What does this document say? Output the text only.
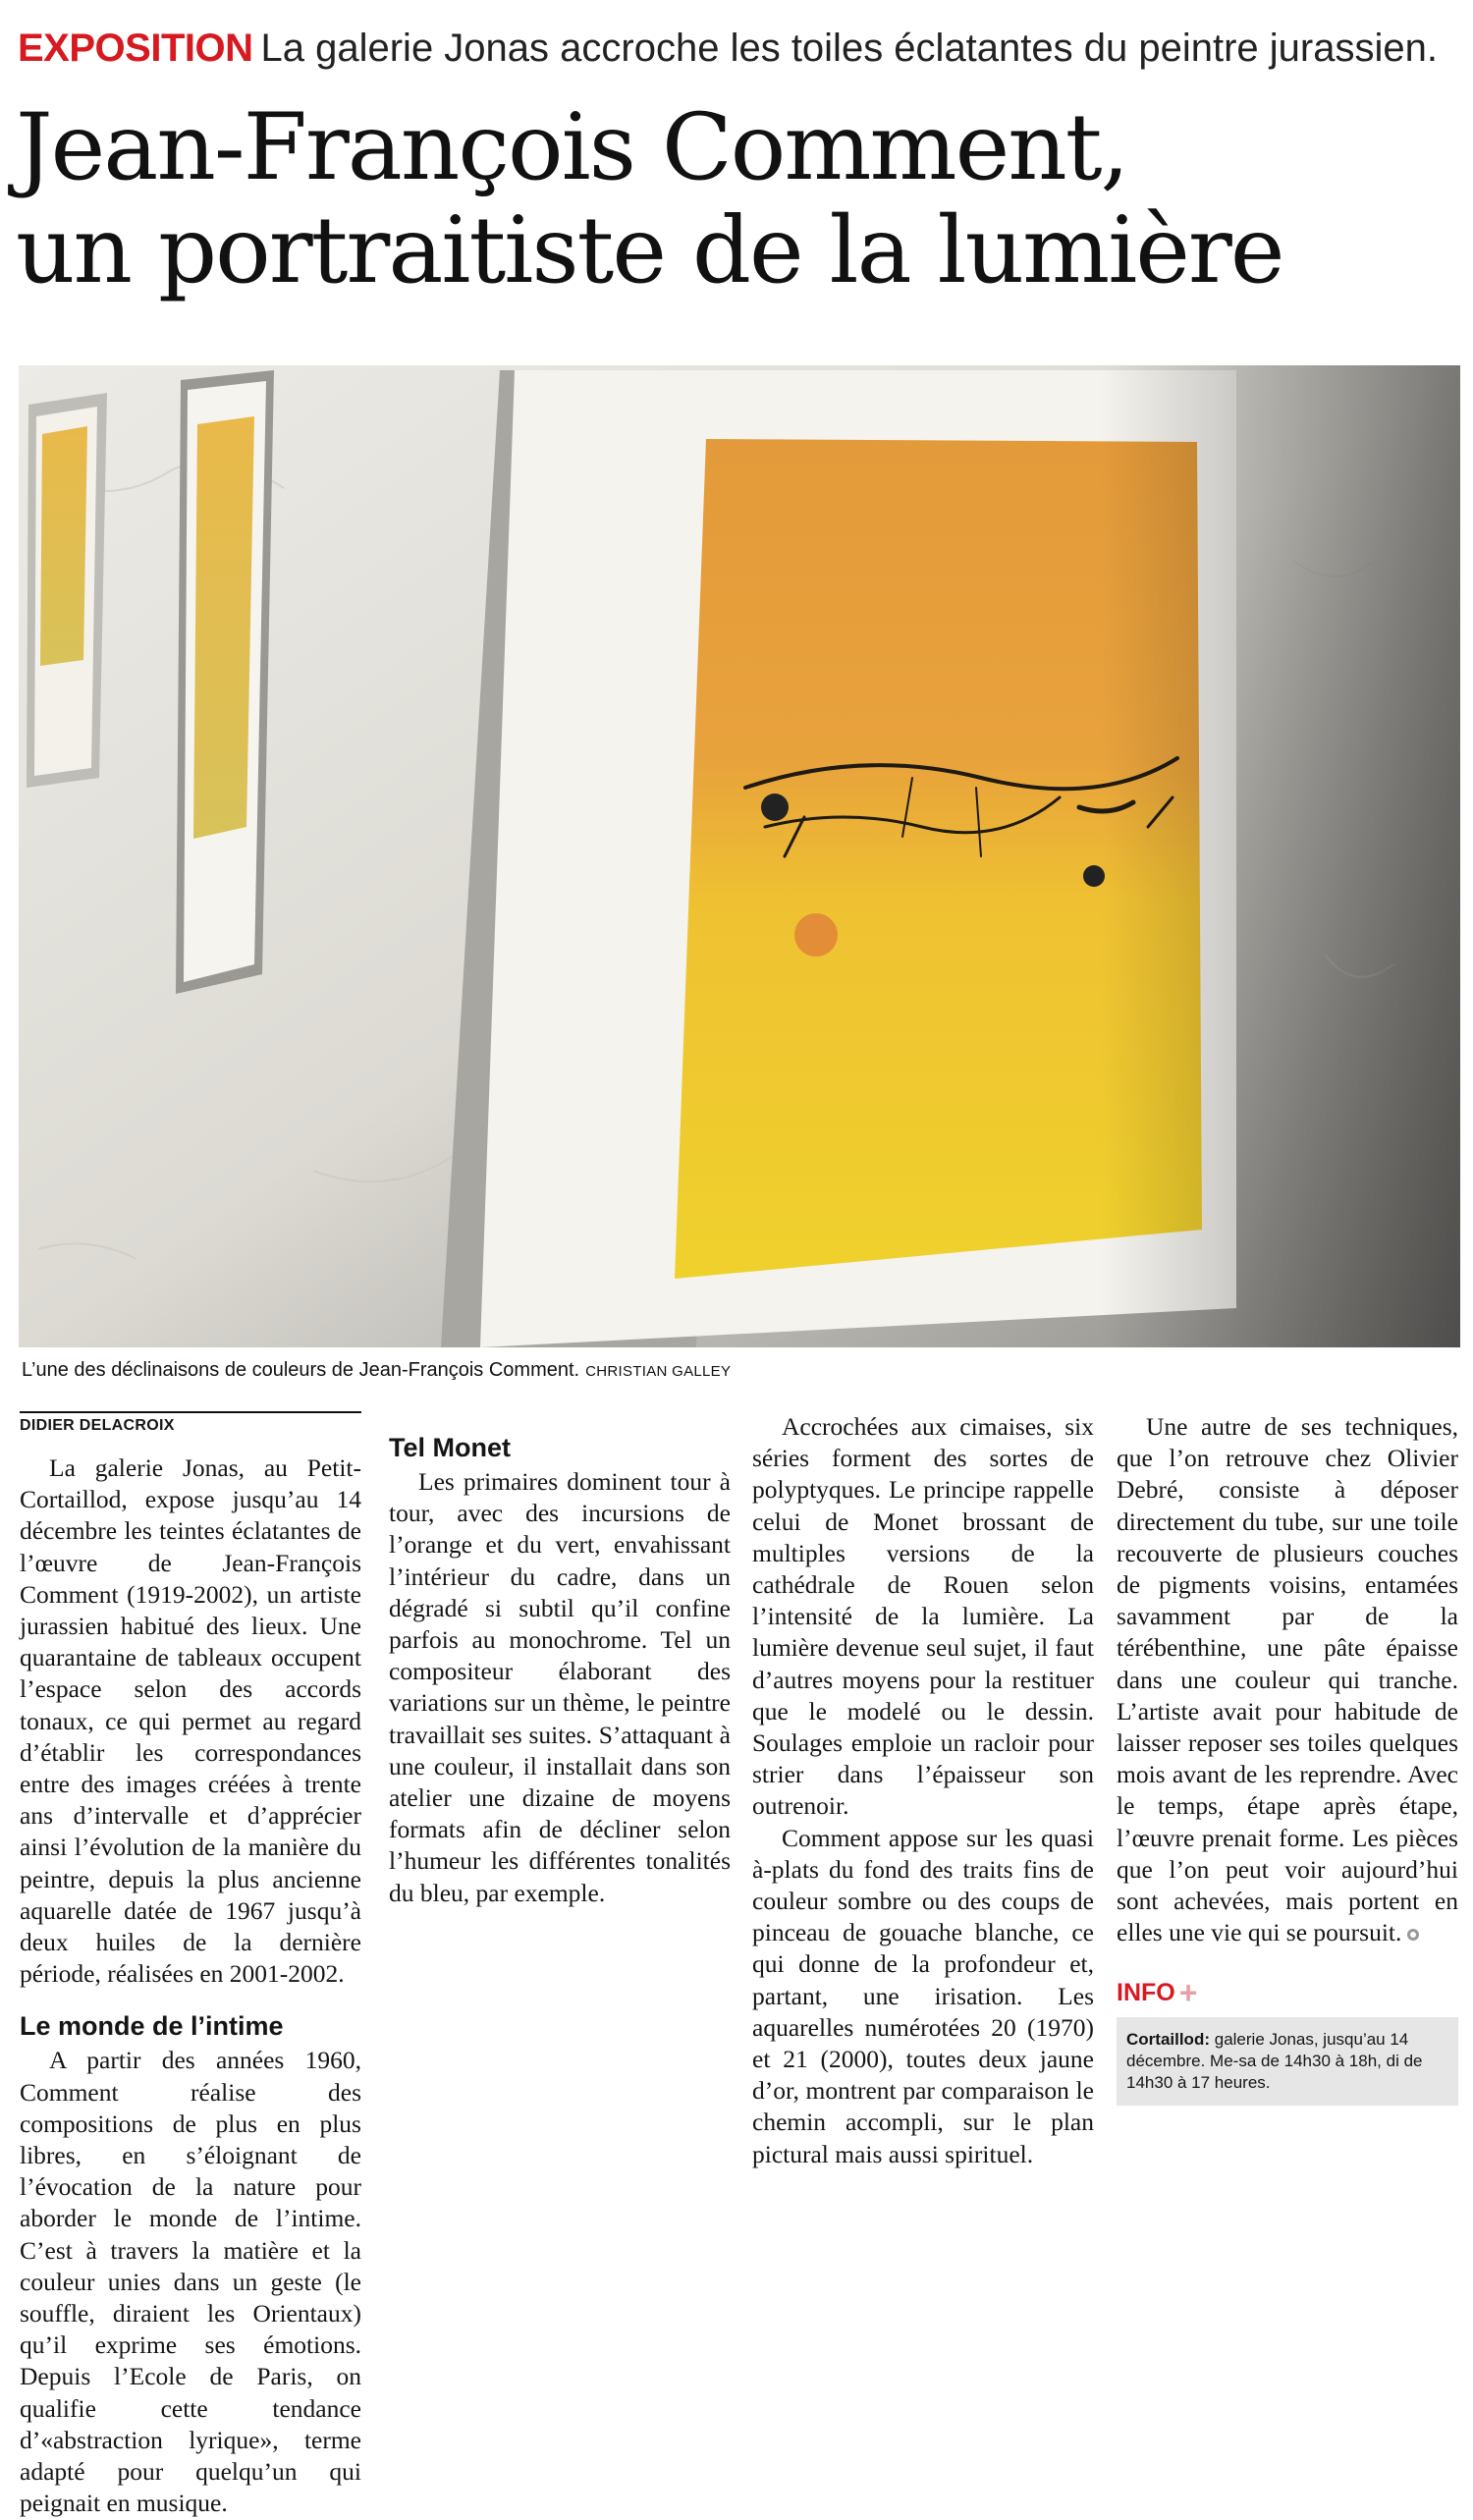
EXPOSITION La galerie Jonas accroche les toiles éclatantes du peintre jurassien.
Jean-François Comment,
un portraitiste de la lumière
L’une des déclinaisons de couleurs de Jean-François Comment. CHRISTIAN GALLEY
DIDIER DELACROIX

La galerie Jonas, au Petit-Cortaillod, expose jusqu’au 14 décembre les teintes éclatantes de l’œuvre de Jean-François Comment (1919-2002), un artiste jurassien habitué des lieux. Une quarantaine de tableaux occupent l’espace selon des accords tonaux, ce qui permet au regard d’établir les correspondances entre des images créées à trente ans d’intervalle et d’apprécier ainsi l’évolution de la manière du peintre, depuis la plus ancienne aquarelle datée de 1967 jusqu’à deux huiles de la dernière période, réalisées en 2001-2002.

Le monde de l’intime

A partir des années 1960, Comment réalise des compositions de plus en plus libres, en s’éloignant de l’évocation de la nature pour aborder le monde de l’intime. C’est à travers la matière et la couleur unies dans un geste (le souffle, diraient les Orientaux) qu’il exprime ses émotions. Depuis l’Ecole de Paris, on qualifie cette tendance d’«abstraction lyrique», terme adapté pour quelqu’un qui peignait en musique.

Tel Monet

Les primaires dominent tour à tour, avec des incursions de l’orange et du vert, envahissant l’intérieur du cadre, dans un dégradé si subtil qu’il confine parfois au monochrome. Tel un compositeur élaborant des variations sur un thème, le peintre travaillait ses suites. S’attaquant à une couleur, il installait dans son atelier une dizaine de moyens formats afin de décliner selon l’humeur les différentes tonalités du bleu, par exemple.

Accrochées aux cimaises, six séries forment des sortes de polyptyques. Le principe rappelle celui de Monet brossant de multiples versions de la cathédrale de Rouen selon l’intensité de la lumière. La lumière devenue seul sujet, il faut d’autres moyens pour la restituer que le modelé ou le dessin. Soulages emploie un racloir pour strier dans l’épaisseur son outrenoir.

Comment appose sur les quasi à-plats du fond des traits fins de couleur sombre ou des coups de pinceau de gouache blanche, ce qui donne de la profondeur et, partant, une irisation. Les aquarelles numérotées 20 (1970) et 21 (2000), toutes deux jaune d’or, montrent par comparaison le chemin accompli, sur le plan pictural mais aussi spirituel.

Une autre de ses techniques, que l’on retrouve chez Olivier Debré, consiste à déposer directement du tube, sur une toile recouverte de plusieurs couches de pigments voisins, entamées savamment par de la térébenthine, une pâte épaisse dans une couleur qui tranche. L’artiste avait pour habitude de laisser reposer ses toiles quelques mois avant de les reprendre. Avec le temps, étape après étape, l’œuvre prenait forme. Les pièces que l’on peut voir aujourd’hui sont achevées, mais portent en elles une vie qui se poursuit.

INFO +
Cortaillod: galerie Jonas, jusqu’au 14 décembre. Me-sa de 14h30 à 18h, di de 14h30 à 17 heures.
